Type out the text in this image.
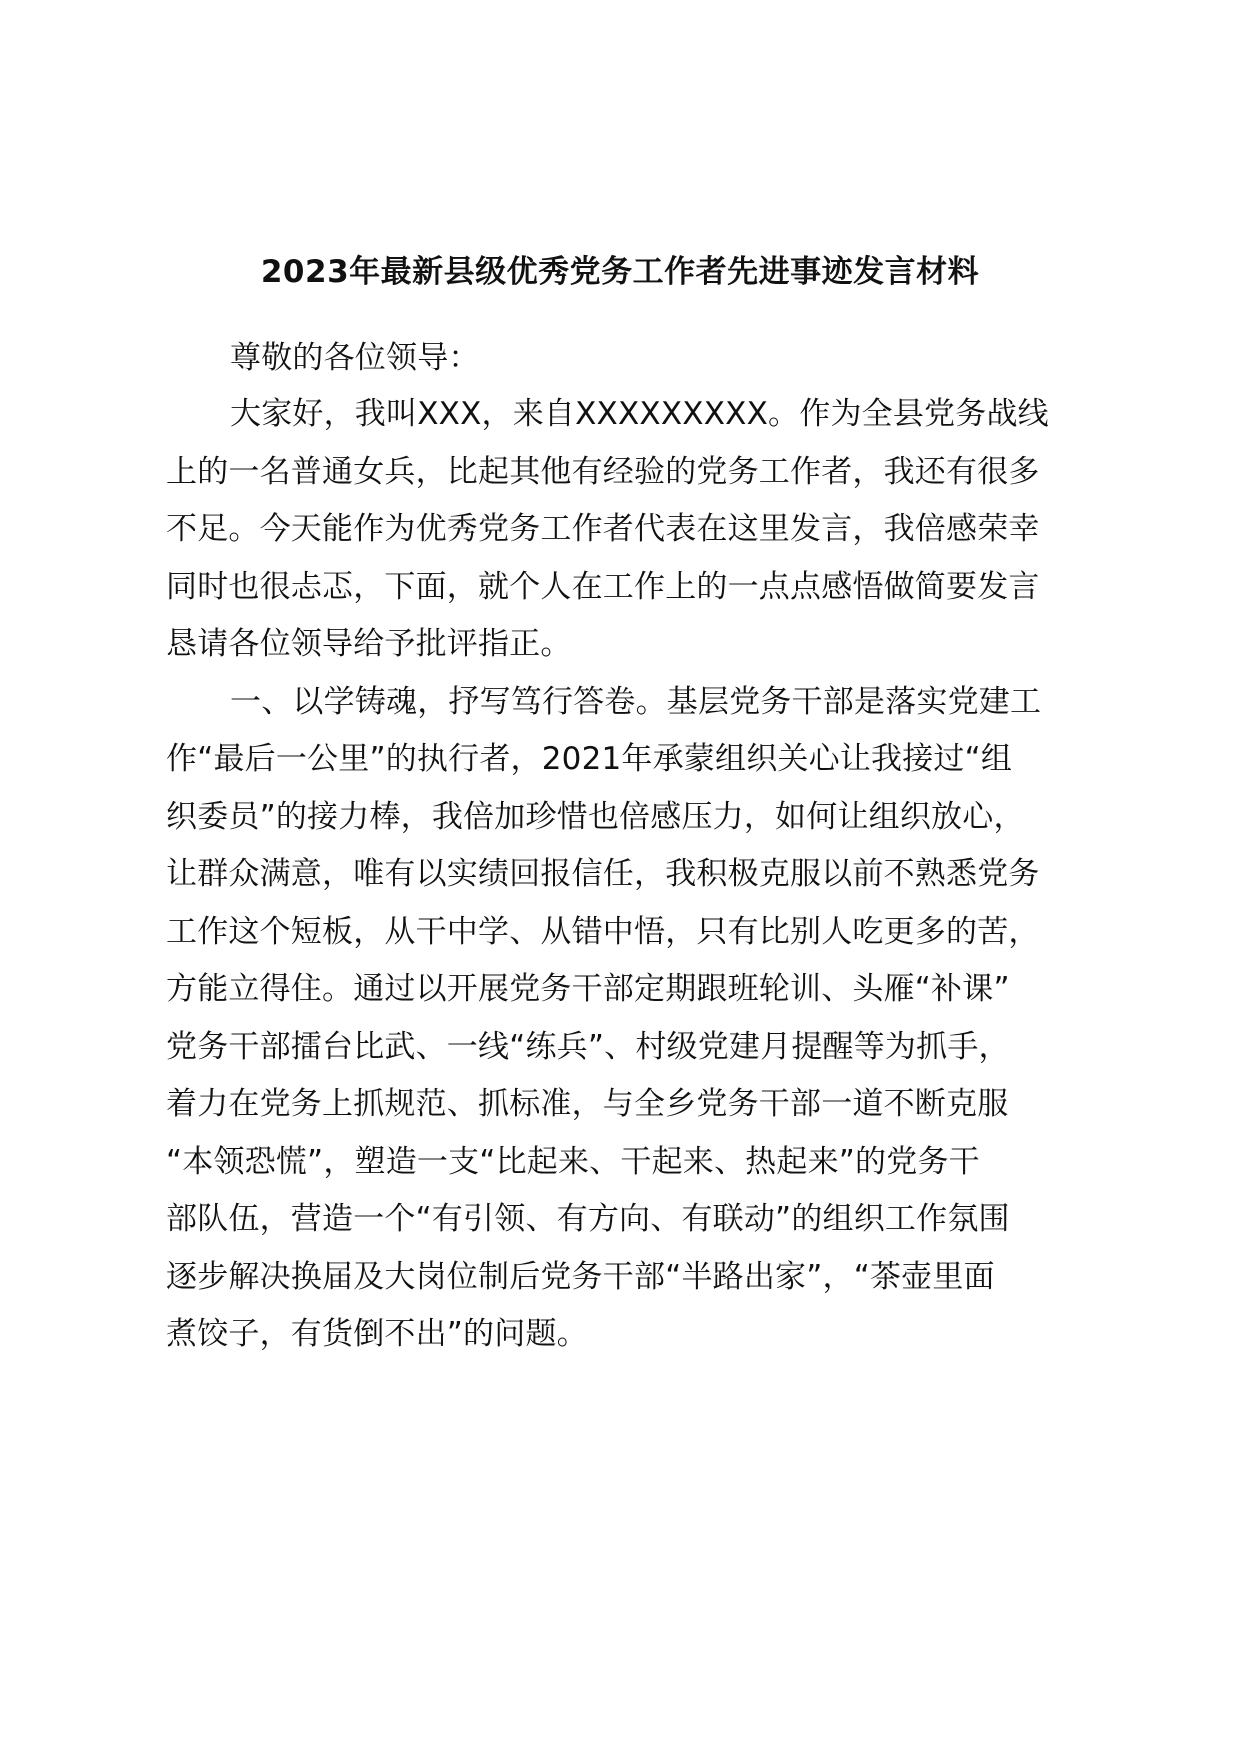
2023年最新县级优秀党务工作者先进事迹发言材料
尊敬的各位领导：
大家好，我叫XXX，来自XXXXXXXXX。作为全县党务战线
上的一名普通女兵，比起其他有经验的党务工作者，我还有很多
不足。今天能作为优秀党务工作者代表在这里发言，我倍感荣幸
同时也很忐忑，下面，就个人在工作上的一点点感悟做简要发言
恳请各位领导给予批评指正。
一、以学铸魂，抒写笃行答卷。基层党务干部是落实党建工
作“最后一公里”的执行者，2021年承蒙组织关心让我接过“组
织委员”的接力棒，我倍加珍惜也倍感压力，如何让组织放心，
让群众满意，唯有以实绩回报信任，我积极克服以前不熟悉党务
工作这个短板，从干中学、从错中悟，只有比别人吃更多的苦，
方能立得住。通过以开展党务干部定期跟班轮训、头雁“补课”
党务干部擂台比武、一线“练兵”、村级党建月提醒等为抓手，
着力在党务上抓规范、抓标准，与全乡党务干部一道不断克服
“本领恐慌”，塑造一支“比起来、干起来、热起来”的党务干
部队伍，营造一个“有引领、有方向、有联动”的组织工作氛围
逐步解决换届及大岗位制后党务干部“半路出家”，“茶壶里面
煮饺子，有货倒不出”的问题。
